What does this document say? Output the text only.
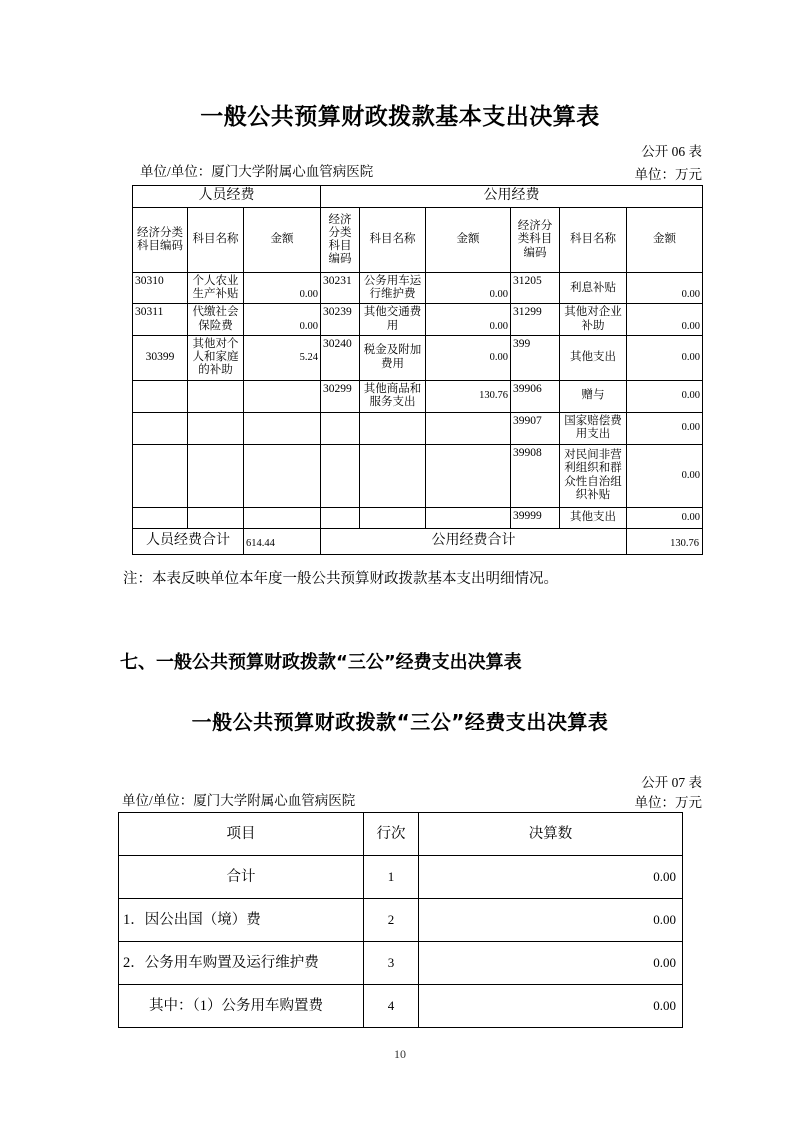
一般公共预算财政拨款基本支出决算表
公开 06 表
单位/单位：厦门大学附属心血管病医院	单位：万元
人员经费			公用经费					
经济分类科目编码	科目名称	金额	经济分类科目编码	科目名称	金额	经济分类科目编码	科目名称	金额
30310	个人农业生产补贴	0.00	30231	公务用车运行维护费	0.00	31205	利息补贴	0.00
30311	代缴社会保险费	0.00	30239	其他交通费用	0.00	31299	其他对企业补助	0.00
30399	其他对个人和家庭的补助	5.24	30240	税金及附加费用	0.00	399	其他支出	0.00
			30299	其他商品和服务支出	130.76	39906	赠与	0.00
						39907	国家赔偿费用支出	0.00
						39908	对民间非营利组织和群众性自治组织补贴	0.00
						39999	其他支出	0.00
人员经费合计		614.44	公用经费合计					130.76
注：本表反映单位本年度一般公共预算财政拨款基本支出明细情况。
七、一般公共预算财政拨款“三公”经费支出决算表
一般公共预算财政拨款“三公”经费支出决算表
公开 07 表
单位/单位：厦门大学附属心血管病医院	单位：万元
项目	行次	决算数
合计	1	0.00
1．因公出国（境）费	2	0.00
2．公务用车购置及运行维护费	3	0.00
其中：（1）公务用车购置费	4	0.00
10
